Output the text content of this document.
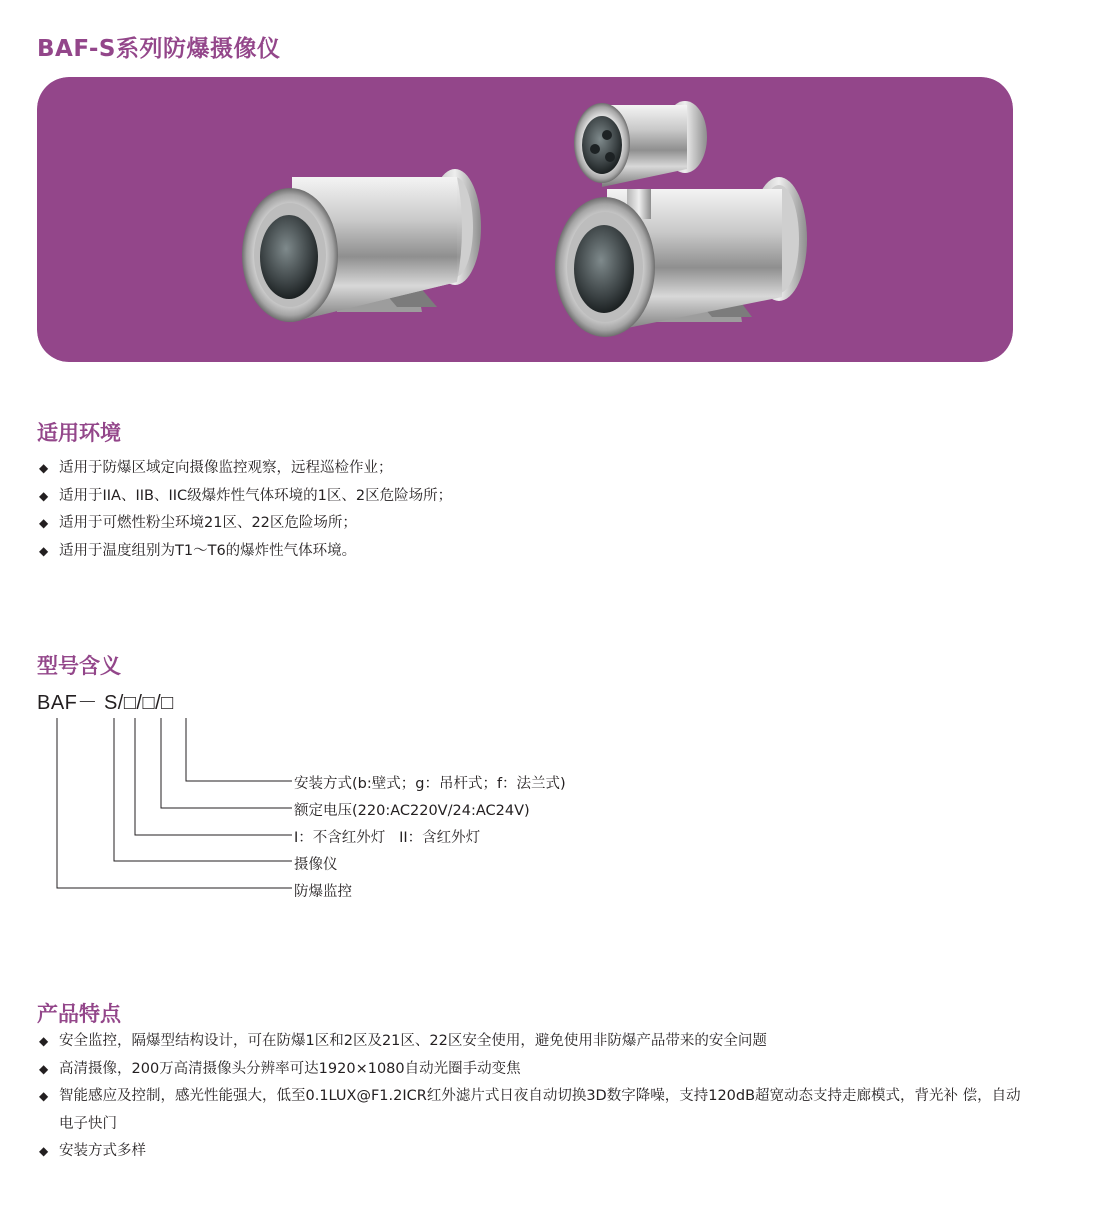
BAF-S系列防爆摄像仪
适用环境
◆ 适用于防爆区域定向摄像监控观察，远程巡检作业；
◆ 适用于IIA、IIB、IIC级爆炸性气体环境的1区、2区危险场所；
◆ 适用于可燃性粉尘环境21区、22区危险场所；
◆ 适用于温度组别为T1～T6的爆炸性气体环境。
型号含义
BAF－ S/□/□/□
安装方式(b:壁式；g：吊杆式；f：法兰式)
额定电压(220:AC220V/24:AC24V)
I：不含红外灯   II：含红外灯
摄像仪
防爆监控
产品特点
◆ 安全监控，隔爆型结构设计，可在防爆1区和2区及21区、22区安全使用，避免使用非防爆产品带来的安全问题
◆ 高清摄像，200万高清摄像头分辨率可达1920×1080自动光圈手动变焦
◆ 智能感应及控制，感光性能强大，低至0.1LUX@F1.2ICR红外滤片式日夜自动切换3D数字降噪，支持120dB超宽动态支持走廊模式，背光补 偿，自动电子快门
◆ 安装方式多样
